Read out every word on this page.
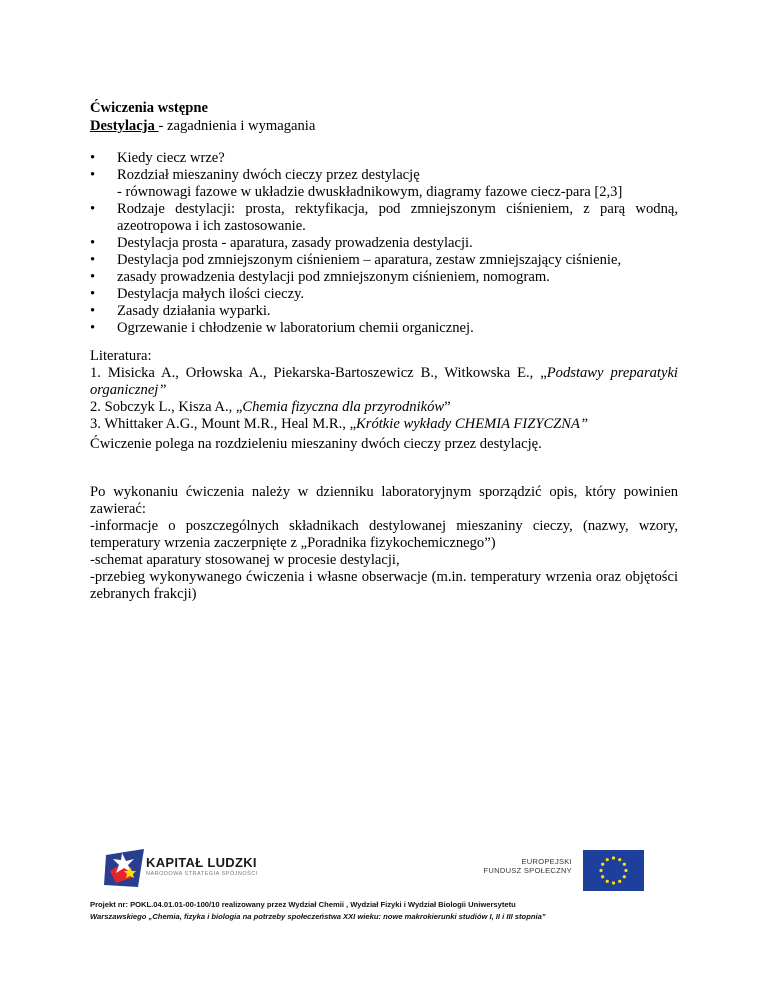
Ćwiczenia wstępne
Destylacja - zagadnienia i wymagania
Kiedy ciecz wrze?
Rozdział mieszaniny dwóch cieczy przez destylację
- równowagi fazowe w układzie dwuskładnikowym, diagramy fazowe ciecz-para [2,3]
Rodzaje destylacji: prosta, rektyfikacja, pod zmniejszonym ciśnieniem, z parą wodną, azeotropowa i ich zastosowanie.
Destylacja prosta - aparatura, zasady prowadzenia destylacji.
Destylacja pod zmniejszonym ciśnieniem – aparatura, zestaw zmniejszający ciśnienie,
zasady prowadzenia destylacji pod zmniejszonym ciśnieniem, nomogram.
Destylacja małych ilości cieczy.
Zasady działania wyparki.
Ogrzewanie i chłodzenie w laboratorium chemii organicznej.
Literatura:
1. Misicka A., Orłowska A., Piekarska-Bartoszewicz B., Witkowska E., „Podstawy preparatyki organicznej”
2. Sobczyk L., Kisza A., „Chemia fizyczna dla przyrodników”
3. Whittaker A.G., Mount M.R., Heal M.R., „Krótkie wykłady CHEMIA FIZYCZNA”
Ćwiczenie polega na rozdzieleniu mieszaniny dwóch cieczy przez destylację.
Po wykonaniu ćwiczenia należy w dzienniku laboratoryjnym sporządzić opis, który powinien zawierać:
-informacje o poszczególnych składnikach destylowanej mieszaniny cieczy, (nazwy, wzory, temperatury wrzenia zaczerpnięte z „Poradnika fizykochemicznego”)
-schemat aparatury stosowanej w procesie destylacji,
-przebieg wykonywanego ćwiczenia i własne obserwacje (m.in. temperatury wrzenia oraz objętości zebranych frakcji)
KAPITAŁ LUDZKI
NARODOWA STRATEGIA SPÓJNOŚCI
EUROPEJSKI
FUNDUSZ SPOŁECZNY
Projekt nr: POKL.04.01.01-00-100/10 realizowany przez Wydział Chemii , Wydział Fizyki i Wydział Biologii Uniwersytetu
Warszawskiego „Chemia, fizyka i biologia na potrzeby społeczeństwa XXI wieku: nowe makrokierunki studiów I, II i III stopnia”
